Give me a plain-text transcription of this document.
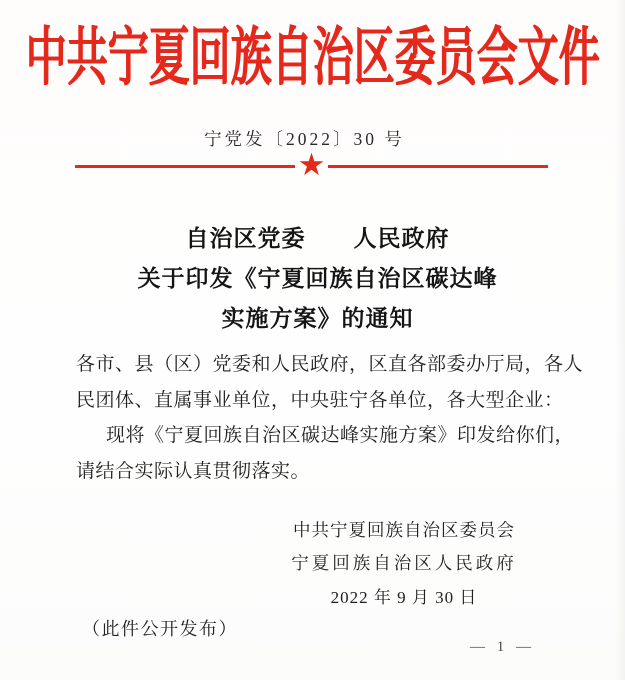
中共宁夏回族自治区委员会文件
宁党发〔2022〕30 号
★
自治区党委　　人民政府
关于印发《宁夏回族自治区碳达峰
实施方案》的通知
各市、县（区）党委和人民政府，区直各部委办厅局，各人
民团体、直属事业单位，中央驻宁各单位，各大型企业：
现将《宁夏回族自治区碳达峰实施方案》印发给你们，
请结合实际认真贯彻落实。
中共宁夏回族自治区委员会
宁夏回族自治区人民政府
2022 年 9 月 30 日
（此件公开发布）
— 1 —
